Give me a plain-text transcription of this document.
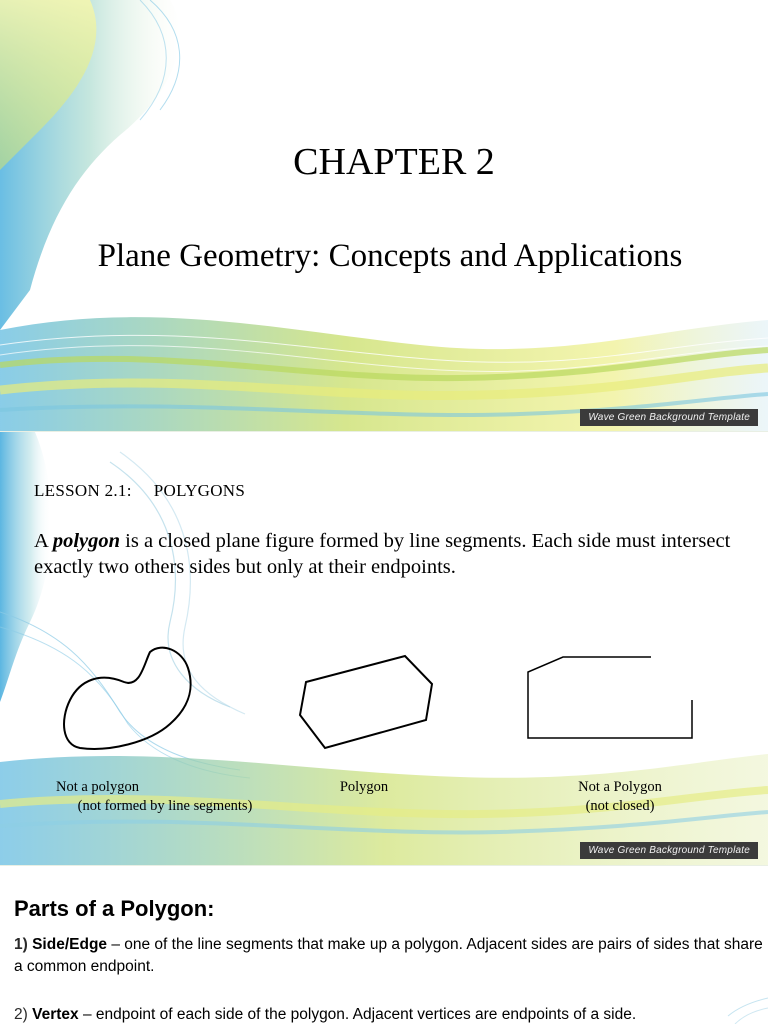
CHAPTER 2
Plane Geometry: Concepts and Applications
Wave Green Background Template
LESSON 2.1: POLYGONS
A polygon is a closed plane figure formed by line segments. Each side must intersect exactly two others sides but only at their endpoints.
Not a polygon
(not formed by line segments)
Polygon	Not a Polygon
(not closed)
Wave Green Background Template
Parts of a Polygon:
1) Side/Edge – one of the line segments that make up a polygon. Adjacent sides are pairs of sides that share a common endpoint.
2) Vertex – endpoint of each side of the polygon. Adjacent vertices are endpoints of a side.
